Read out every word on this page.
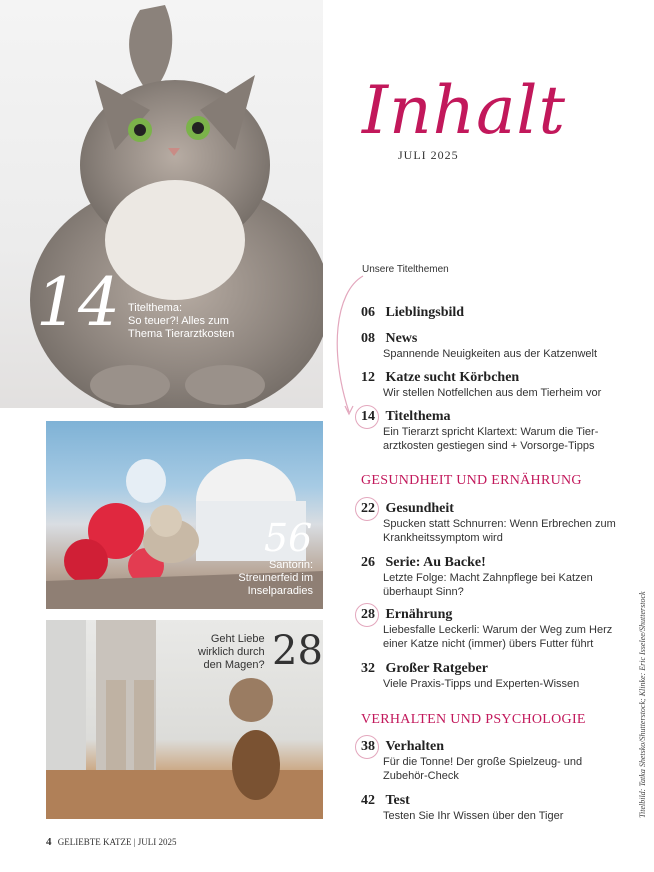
14 Titelthema:
So teuer?! Alles zum
Thema Tierarztkosten
56
Santorin:
Streunerfeid im
Inselparadies
Geht Liebe
wirklich durch
den Magen? 28
Inhalt
JULI 2025
Unsere Titelthemen
06 Lieblingsbild
08 News
Spannende Neuigkeiten aus der Katzenwelt
12 Katze sucht Körbchen
Wir stellen Notfellchen aus dem Tierheim vor
14 Titelthema
Ein Tierarzt spricht Klartext: Warum die Tier-
arztkosten gestiegen sind + Vorsorge-Tipps
GESUNDHEIT UND ERNÄHRUNG
22 Gesundheit
Spucken statt Schnurren: Wenn Erbrechen zum
Krankheitssymptom wird
26 Serie: Au Backe!
Letzte Folge: Macht Zahnpflege bei Katzen
überhaupt Sinn?
28 Ernährung
Liebesfalle Leckerli: Warum der Weg zum Herz
einer Katze nicht (immer) übers Futter führt
32 Großer Ratgeber
Viele Praxis-Tipps und Experten-Wissen
VERHALTEN UND PSYCHOLOGIE
38 Verhalten
Für die Tonne! Der große Spielzeug- und
Zubehör-Check
42 Test
Testen Sie Ihr Wissen über den Tiger
4 GELIEBTE KATZE | JULI 2025
Titelbild: Tatka Shetsko/Shutterstock; Klinke: Eric Isselee/Shutterstock
